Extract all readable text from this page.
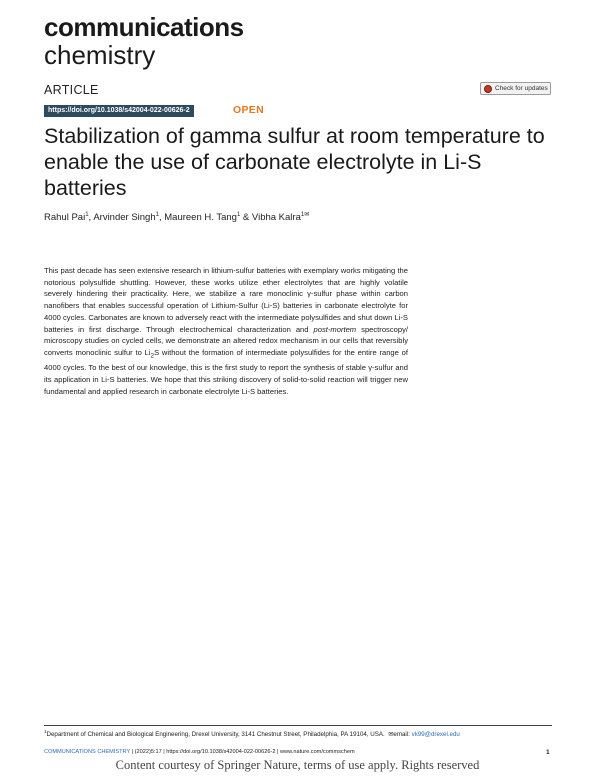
communications
chemistry
ARTICLE	Check for updates
https://doi.org/10.1038/s42004-022-00626-2	OPEN
Stabilization of gamma sulfur at room temperature to enable the use of carbonate electrolyte in Li-S batteries
Rahul Pai$^1$, Arvinder Singh$^1$, Maureen H. Tang$^1$ & Vibha Kalra$^{1✉}$

This past decade has seen extensive research in lithium-sulfur batteries with exemplary works mitigating the notorious polysulfide shuttling. However, these works utilize ether electrolytes that are highly volatile severely hindering their practicality. Here, we stabilize a rare monoclinic γ-sulfur phase within carbon nanofibers that enables successful operation of Lithium-Sulfur (Li-S) batteries in carbonate electrolyte for 4000 cycles. Carbonates are known to adversely react with the intermediate polysulfides and shut down Li-S batteries in first discharge. Through electrochemical characterization and post-mortem spectroscopy/ microscopy studies on cycled cells, we demonstrate an altered redox mechanism in our cells that reversibly converts monoclinic sulfur to $Li_2S$ without the formation of intermediate polysulfides for the entire range of 4000 cycles. To the best of our knowledge, this is the first study to report the synthesis of stable γ-sulfur and its application in Li-S batteries. We hope that this striking discovery of solid-to-solid reaction will trigger new fundamental and applied research in carbonate electrolyte Li-S batteries.

$^1$Department of Chemical and Biological Engineering, Drexel University, 3141 Chestnut Street, Philadelphia, PA 19104, USA. ✉email: vk99@drexel.edu
COMMUNICATIONS CHEMISTRY | (2022)5:17 | https://doi.org/10.1038/s42004-022-00626-2 | www.nature.com/commschem	1
Content courtesy of Springer Nature, terms of use apply. Rights reserved
